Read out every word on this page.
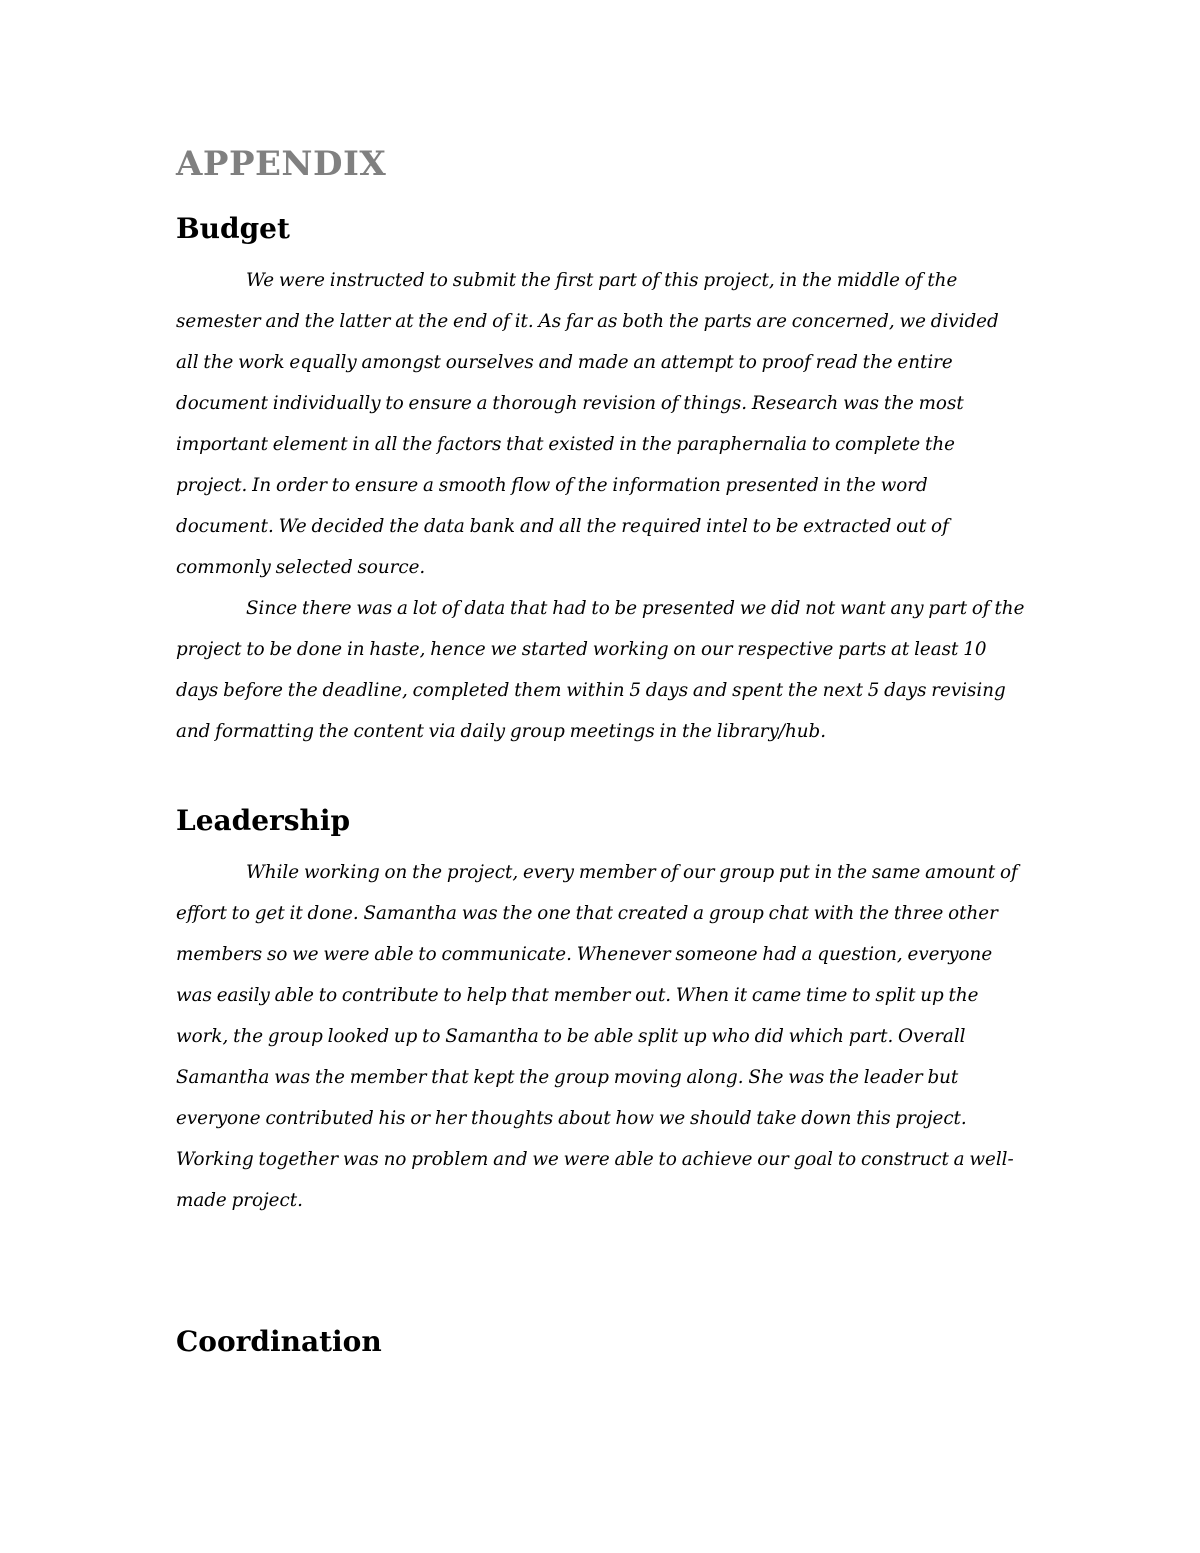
APPENDIX
Budget

We were instructed to submit the first part of this project, in the middle of the semester and the latter at the end of it. As far as both the parts are concerned, we divided all the work equally amongst ourselves and made an attempt to proof read the entire document individually to ensure a thorough revision of things. Research was the most important element in all the factors that existed in the paraphernalia to complete the project. In order to ensure a smooth flow of the information presented in the word document. We decided the data bank and all the required intel to be extracted out of commonly selected source.

Since there was a lot of data that had to be presented we did not want any part of the project to be done in haste, hence we started working on our respective parts at least 10 days before the deadline, completed them within 5 days and spent the next 5 days revising and formatting the content via daily group meetings in the library/hub.

Leadership

While working on the project, every member of our group put in the same amount of effort to get it done. Samantha was the one that created a group chat with the three other members so we were able to communicate. Whenever someone had a question, everyone was easily able to contribute to help that member out. When it came time to split up the work, the group looked up to Samantha to be able split up who did which part. Overall Samantha was the member that kept the group moving along. She was the leader but everyone contributed his or her thoughts about how we should take down this project. Working together was no problem and we were able to achieve our goal to construct a well-made project.

Coordination
